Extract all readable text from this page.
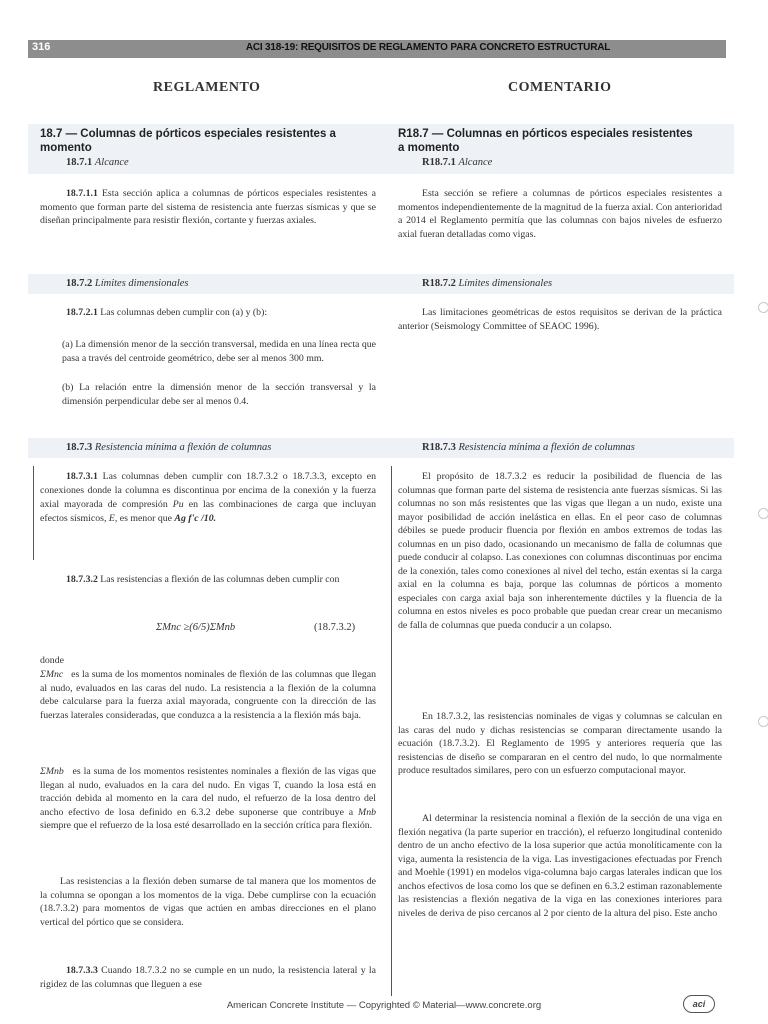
316	ACI 318-19: REQUISITOS DE REGLAMENTO PARA CONCRETO ESTRUCTURAL
REGLAMENTO	COMENTARIO
18.7 — Columnas de pórticos especiales resistentes a momento
18.7.1 Alcance
18.7.1.1 Esta sección aplica a columnas de pórticos especiales resistentes a momento que forman parte del sistema de resistencia ante fuerzas sísmicas y que se diseñan principalmente para resistir flexión, cortante y fuerzas axiales.
18.7.2 Límites dimensionales
18.7.2.1 Las columnas deben cumplir con (a) y (b):
(a) La dimensión menor de la sección transversal, medida en una línea recta que pasa a través del centroide geométrico, debe ser al menos 300 mm.
(b) La relación entre la dimensión menor de la sección transversal y la dimensión perpendicular debe ser al menos 0.4.
18.7.3 Resistencia mínima a flexión de columnas
18.7.3.1 Las columnas deben cumplir con 18.7.3.2 o 18.7.3.3, excepto en conexiones donde la columna es discontinua por encima de la conexión y la fuerza axial mayorada de compresión Pu en las combinaciones de carga que incluyan efectos sísmicos, E, es menor que Ag f'c /10.
18.7.3.2 Las resistencias a flexión de las columnas deben cumplir con
ΣMnc ≥(6/5)ΣMnb	(18.7.3.2)
donde
ΣMnc es la suma de los momentos nominales de flexión de las columnas que llegan al nudo, evaluados en las caras del nudo. La resistencia a la flexión de la columna debe calcularse para la fuerza axial mayorada, congruente con la dirección de las fuerzas laterales consideradas, que conduzca a la resistencia a la flexión más baja.
ΣMnb es la suma de los momentos resistentes nominales a flexión de las vigas que llegan al nudo, evaluados en la cara del nudo. En vigas T, cuando la losa está en tracción debida al momento en la cara del nudo, el refuerzo de la losa dentro del ancho efectivo de losa definido en 6.3.2 debe suponerse que contribuye a Mnb siempre que el refuerzo de la losa esté desarrollado en la sección crítica para flexión.
Las resistencias a la flexión deben sumarse de tal manera que los momentos de la columna se opongan a los momentos de la viga. Debe cumplirse con la ecuación (18.7.3.2) para momentos de vigas que actúen en ambas direcciones en el plano vertical del pórtico que se considera.
18.7.3.3 Cuando 18.7.3.2 no se cumple en un nudo, la resistencia lateral y la rigidez de las columnas que lleguen a ese
R18.7 — Columnas en pórticos especiales resistentes a momento
R18.7.1 Alcance
Esta sección se refiere a columnas de pórticos especiales resistentes a momentos independientemente de la magnitud de la fuerza axial. Con anterioridad a 2014 el Reglamento permitía que las columnas con bajos niveles de esfuerzo axial fueran detalladas como vigas.
R18.7.2 Límites dimensionales
Las limitaciones geométricas de estos requisitos se derivan de la práctica anterior (Seismology Committee of SEAOC 1996).
R18.7.3 Resistencia mínima a flexión de columnas
El propósito de 18.7.3.2 es reducir la posibilidad de fluencia de las columnas que forman parte del sistema de resistencia ante fuerzas sísmicas. Si las columnas no son más resistentes que las vigas que llegan a un nudo, existe una mayor posibilidad de acción inelástica en ellas. En el peor caso de columnas débiles se puede producir fluencia por flexión en ambos extremos de todas las columnas en un piso dado, ocasionando un mecanismo de falla de columnas que puede conducir al colapso. Las conexiones con columnas discontinuas por encima de la conexión, tales como conexiones al nivel del techo, están exentas si la carga axial en la columna es baja, porque las columnas de pórticos a momento especiales con carga axial baja son inherentemente dúctiles y la fluencia de la columna en estos niveles es poco probable que puedan crear crear un mecanismo de falla de columnas que pueda conducir a un colapso.
En 18.7.3.2, las resistencias nominales de vigas y columnas se calculan en las caras del nudo y dichas resistencias se comparan directamente usando la ecuación (18.7.3.2). El Reglamento de 1995 y anteriores requería que las resistencias de diseño se compararan en el centro del nudo, lo que normalmente produce resultados similares, pero con un esfuerzo computacional mayor.
Al determinar la resistencia nominal a flexión de la sección de una viga en flexión negativa (la parte superior en tracción), el refuerzo longitudinal contenido dentro de un ancho efectivo de la losa superior que actúa monolíticamente con la viga, aumenta la resistencia de la viga. Las investigaciones efectuadas por French and Moehle (1991) en modelos viga-columna bajo cargas laterales indican que los anchos efectivos de losa como los que se definen en 6.3.2 estiman razonablemente las resistencias a flexión negativa de la viga en las conexiones interiores para niveles de deriva de piso cercanos al 2 por ciento de la altura del piso. Este ancho
American Concrete Institute — Copyrighted © Material—www.concrete.org	aci
